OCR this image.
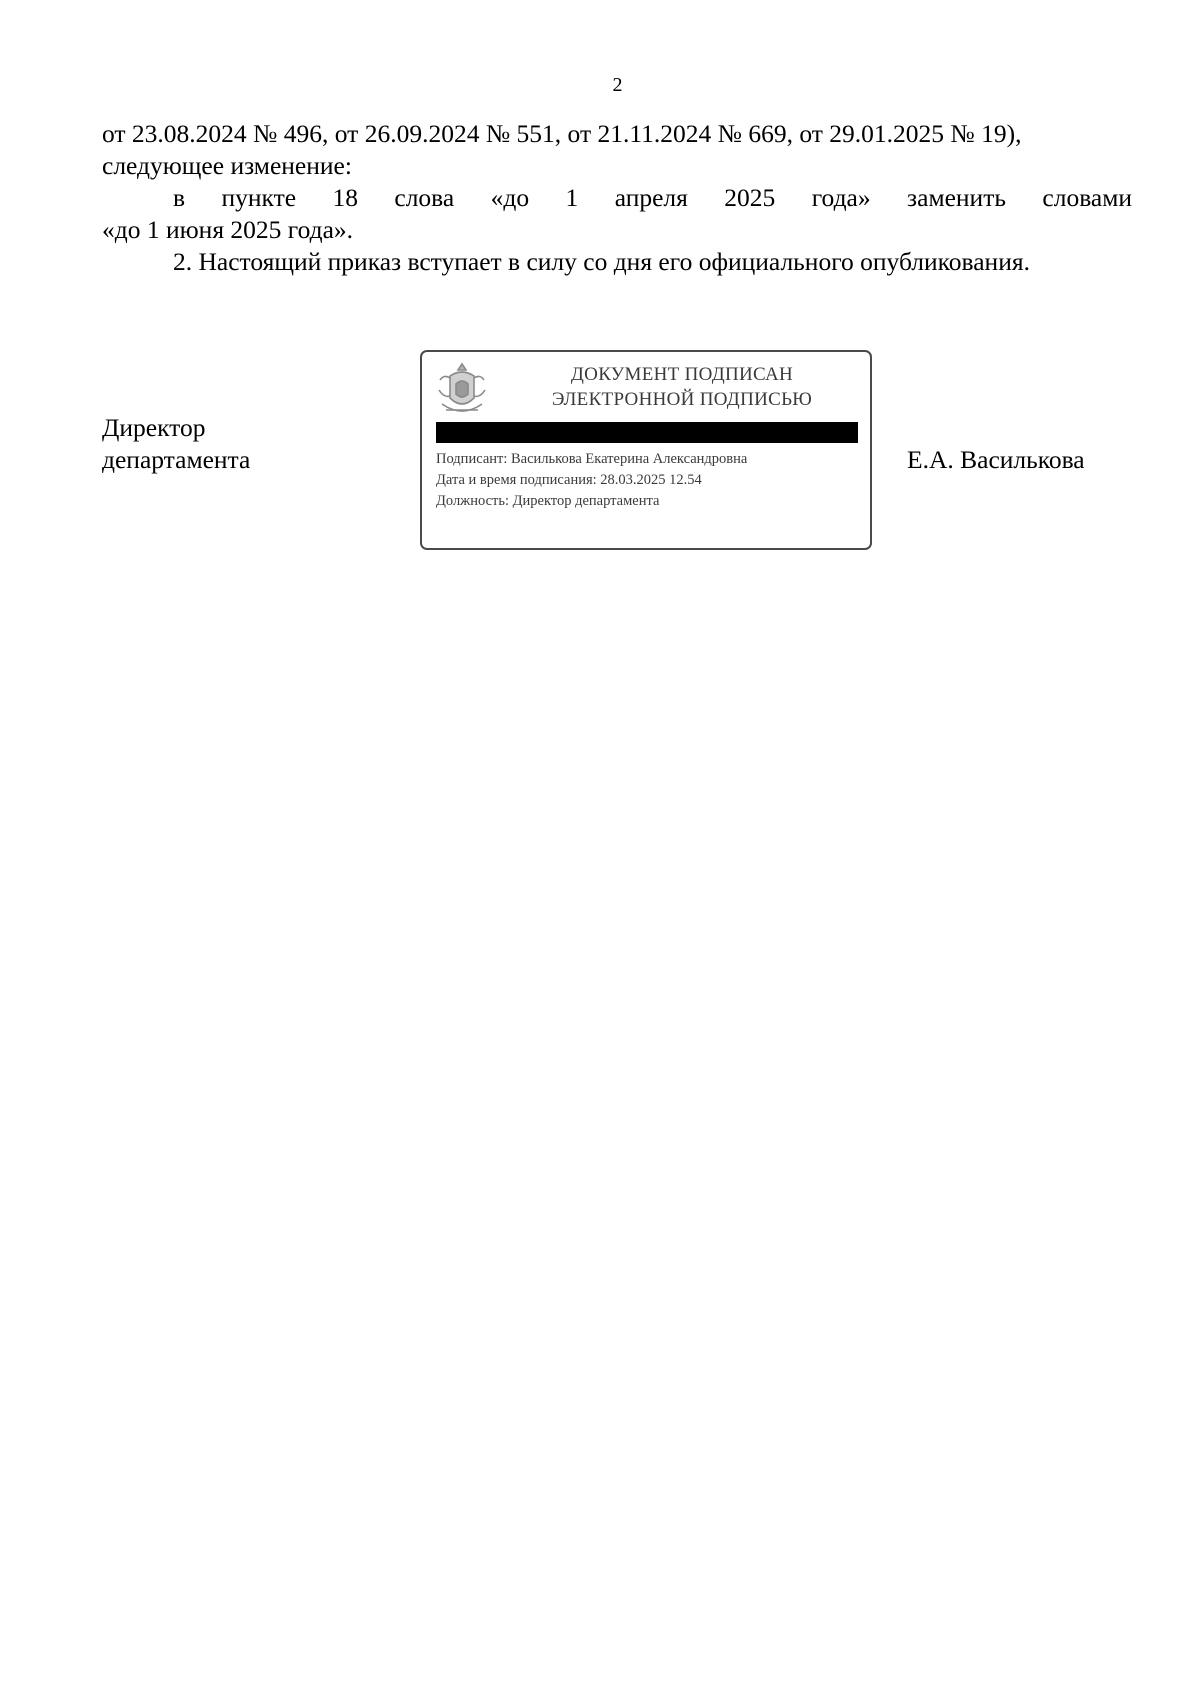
2

от 23.08.2024 № 496, от 26.09.2024 № 551, от 21.11.2024 № 669, от 29.01.2025 № 19),
следующее изменение:

в пункте 18 слова «до 1 апреля 2025 года» заменить словами

«до 1 июня 2025 года».

2. Настоящий приказ вступает в силу со дня его официального опубликования.

Директор
департамента
ДОКУМЕНТ ПОДПИСАН
ЭЛЕКТРОННОЙ ПОДПИСЬЮ
Подписант: Василькова Екатерина Александровна
Дата и время подписания: 28.03.2025 12.54
Должность: Директор департамента
Е.А. Василькова
